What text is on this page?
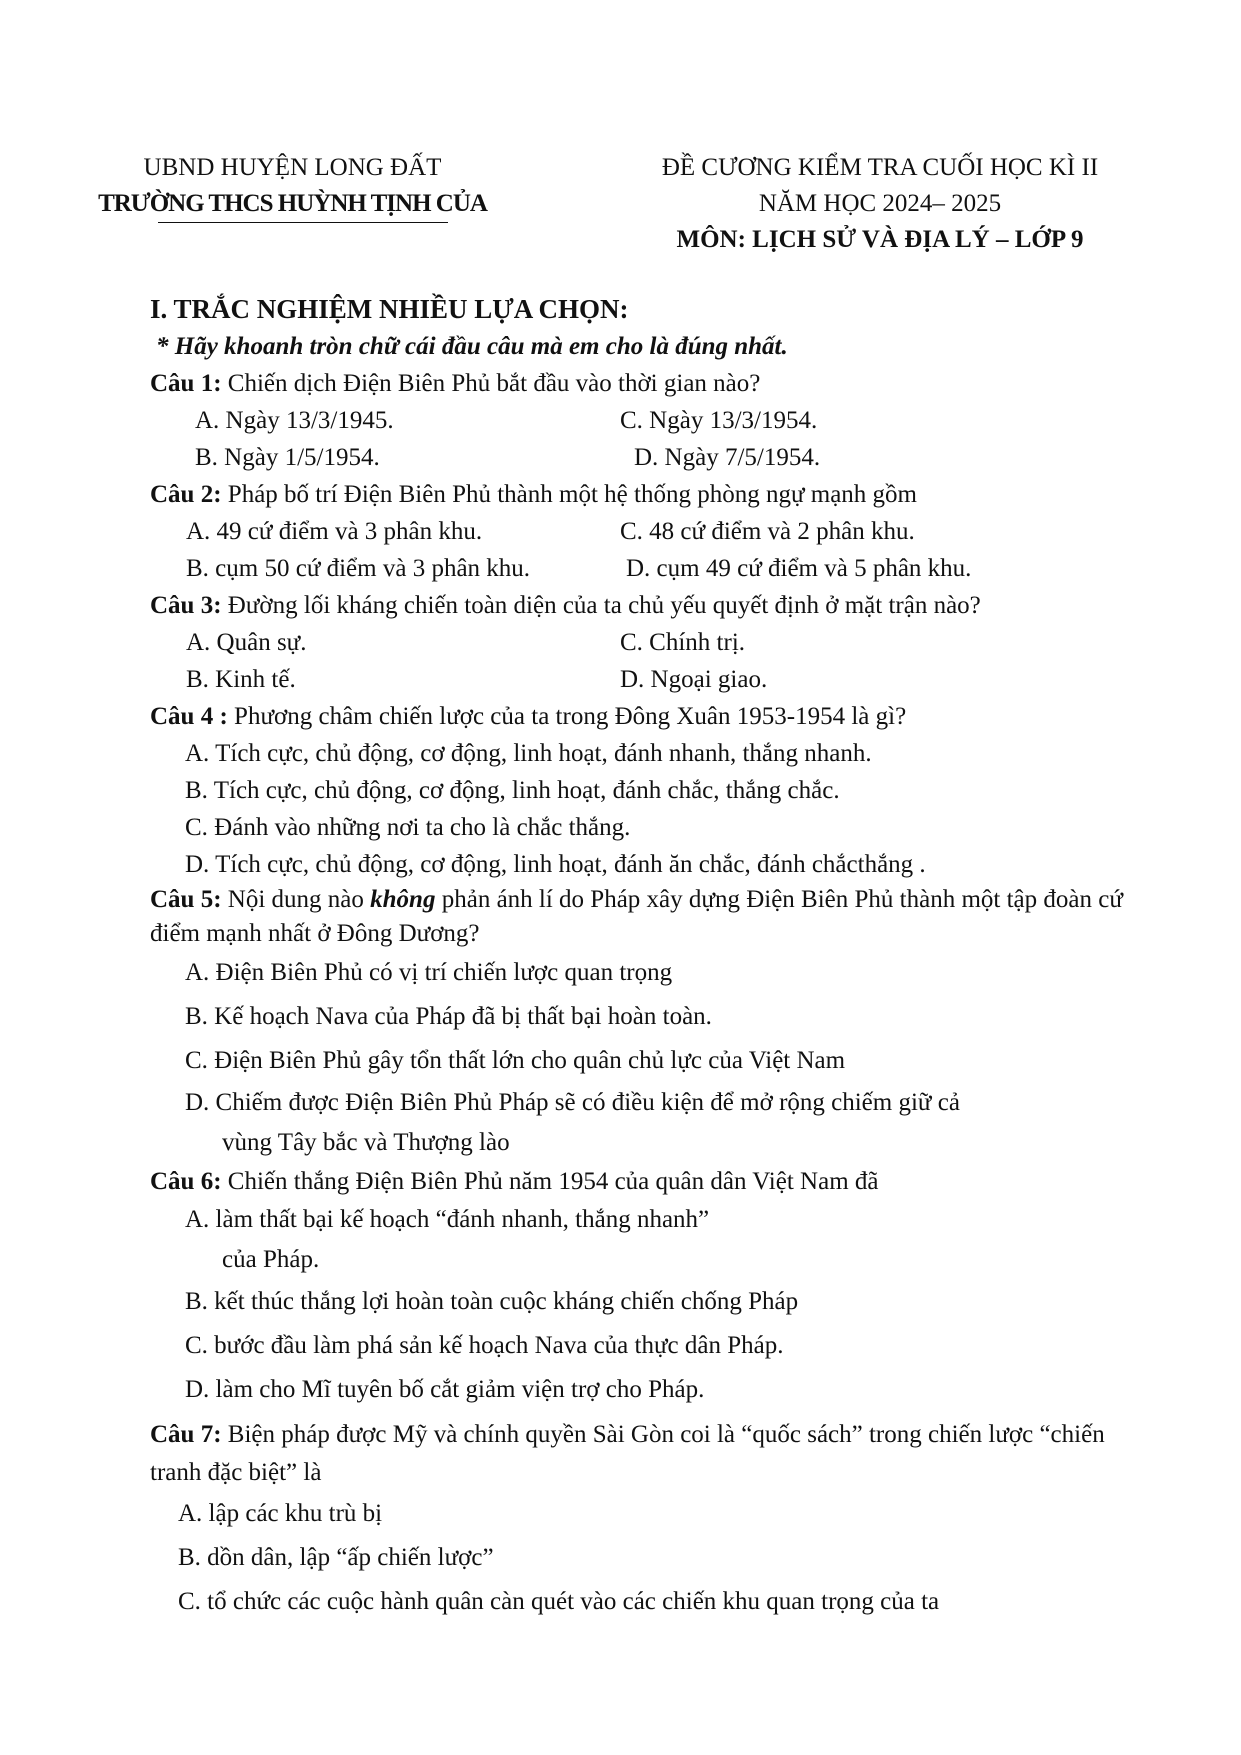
UBND HUYỆN LONG ĐẤT
TRƯỜNG THCS HUỲNH TỊNH CỦA
ĐỀ CƯƠNG KIỂM TRA CUỐI HỌC KÌ II
NĂM HỌC 2024– 2025
MÔN: LỊCH SỬ VÀ ĐỊA LÝ – LỚP 9
I. TRẮC NGHIỆM NHIỀU LỰA CHỌN:
* Hãy khoanh tròn chữ cái đầu câu mà em cho là đúng nhất.
Câu 1: Chiến dịch Điện Biên Phủ bắt đầu vào thời gian nào?
A. Ngày 13/3/1945.	C. Ngày 13/3/1954.
B. Ngày 1/5/1954.	D. Ngày 7/5/1954.
Câu 2: Pháp bố trí Điện Biên Phủ thành một hệ thống phòng ngự mạnh gồm
A. 49 cứ điểm và 3 phân khu.	C. 48 cứ điểm và 2 phân khu.
B. cụm 50 cứ điểm và 3 phân khu.	D. cụm 49 cứ điểm và 5 phân khu.
Câu 3: Đường lối kháng chiến toàn diện của ta chủ yếu quyết định ở mặt trận nào?
A. Quân sự.	C. Chính trị.
B. Kinh tế.	D. Ngoại giao.
Câu 4 : Phương châm chiến lược của ta trong Đông Xuân 1953-1954 là gì?
A. Tích cực, chủ động, cơ động, linh hoạt, đánh nhanh, thắng nhanh.
B. Tích cực, chủ động, cơ động, linh hoạt, đánh chắc, thắng chắc.
C. Đánh vào những nơi ta cho là chắc thắng.
D. Tích cực, chủ động, cơ động, linh hoạt, đánh ăn chắc, đánh chắcthắng .
Câu 5: Nội dung nào không phản ánh lí do Pháp xây dựng Điện Biên Phủ thành một tập đoàn cứ điểm mạnh nhất ở Đông Dương?
A. Điện Biên Phủ có vị trí chiến lược quan trọng
B. Kế hoạch Nava của Pháp đã bị thất bại hoàn toàn.
C. Điện Biên Phủ gây tổn thất lớn cho quân chủ lực của Việt Nam
D. Chiếm được Điện Biên Phủ Pháp sẽ có điều kiện để mở rộng chiếm giữ cả
vùng Tây bắc và Thượng lào
Câu 6: Chiến thắng Điện Biên Phủ năm 1954 của quân dân Việt Nam đã
A. làm thất bại kế hoạch “đánh nhanh, thắng nhanh”
của Pháp.
B. kết thúc thắng lợi hoàn toàn cuộc kháng chiến chống Pháp
C. bước đầu làm phá sản kế hoạch Nava của thực dân Pháp.
D. làm cho Mĩ tuyên bố cắt giảm viện trợ cho Pháp.
Câu 7: Biện pháp được Mỹ và chính quyền Sài Gòn coi là “quốc sách” trong chiến lược “chiến tranh đặc biệt” là
A. lập các khu trù bị
B. dồn dân, lập “ấp chiến lược”
C. tổ chức các cuộc hành quân càn quét vào các chiến khu quan trọng của ta
